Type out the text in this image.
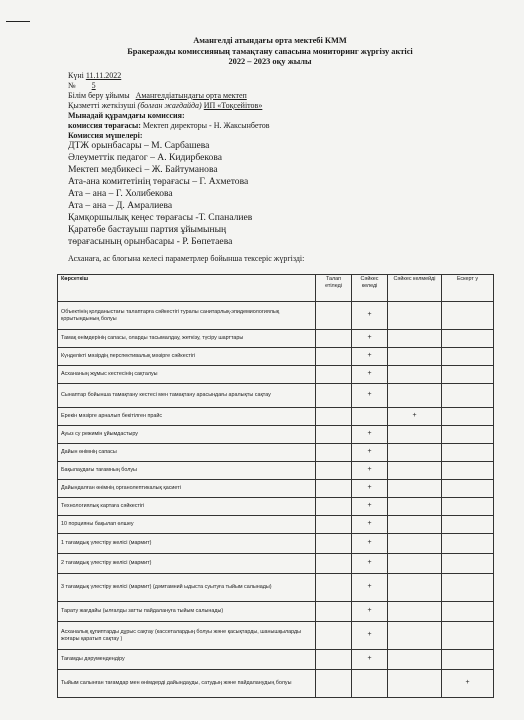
Амангелді атындағы орта мектебі КММ
Бракеражды комиссияның тамақтану сапасына мониторинг жүргізу актісі
2022 – 2023 оқу жылы
Күні 11.11.2022
№ 5
Білім беру ұйымы Амангелдіатындағы орта мектеп
Қызметті жеткізуші (болған жағдайда) ИП «Тоқсейітов»
Мынадай құрамдағы комиссия:
комиссия төрағасы: Мектеп директоры - Н. Жаксынбетов
Комиссия мүшелері:
ДТЖ орынбасары – М. Сарбашева
Әлеуметтік педагог – А. Кидирбекова
Мектеп медбикесі – Ж. Байтуманова
Ата-ана комитетінің төрағасы – Г. Ахметова
Ата – ана – Г. Холибекова
Ата – ана – Д. Амралиева
Қамқоршылық кеңес төрағасы -Т. Спаналиев
Қаратөбе бастауыш партия ұйымының
төрағасының орынбасары - Р. Бөпетаева
Асханаға, ас блогына келесі параметрлер бойынша тексеріс жүргізді:
Көрсеткіш	Талап етіледі	Сәйкес келеді	Сәйкес келмейді	Ескерт у
Объектінің қолданыстағы талаптарға сәйкестігі туралы санитарлық-эпидемиологиялық қорытындының болуы		+		
Тамақ өнімдерінің сапасы, оларды тасымалдау, жеткізу, түсіру шарттары		+		
Күнделікті мәзірдің перспективалық мәзірге сәйкестігі		+		
Асхананың жұмыс кестесінің сақталуы		+		
Сынаптар бойынша тамақтану кестесі мен тамақтану арасындағы аралықты сақтау		+		
Ерекін мәзірге арналып бекітілген прайс			+	
Ауыз су режимін ұйымдастыру		+		
Дайын өнімнің сапасы		+		
Бақылаудағы тағамның болуы		+		
Дайындалған өнімнің органолептикалық қасиеті		+		
Технологиялық картаға сәйкестігі		+		
10 порцияны бақылап өлшеу		+		
1 тағамдық үлестіру желісі (мармит)		+		
2 тағамдық үлестіру желісі (мармит)		+		
3 тағамдық үлестіру желісі (мармит) (дәмтамний ыдыста суытуға тыйым салынады)		+		
Тарату жағдайы (ылғалды затты пайдалануға тыйым салынады)		+		
Асханалық құпиптарды дұрыс сақтау (кассеталардың болуы және қасықтарды, шанышқыларды жоғары қаратып сақтау )		+		
Тағамды дәрумендендіру		+		
Тыйым салынған тағамдар мен өнімдерді дайындауды, сатудың және пайдаланудың болуы				+
